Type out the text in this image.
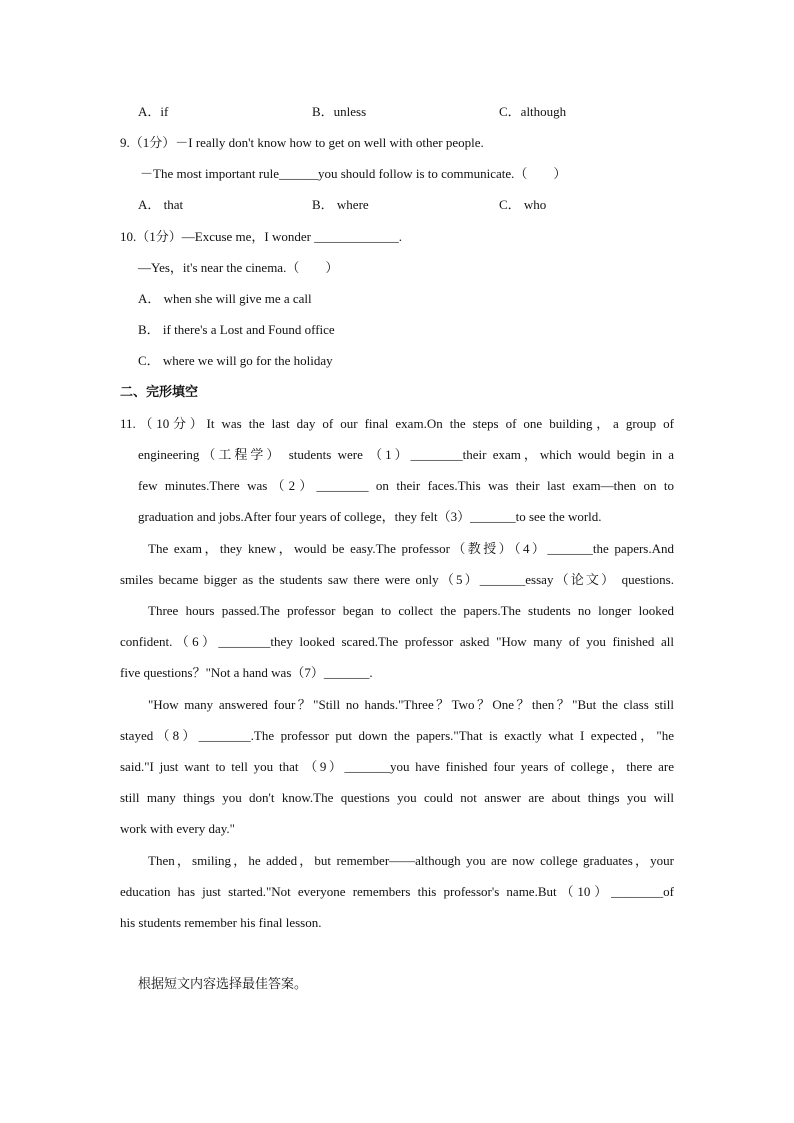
A．if	B．unless	C．although
9.（1分）－I really don't know how to get on well with other people.
－The most important rule______you should follow is to communicate.（　　）
A． that	B． where	C． who
10.（1分）—Excuse me，I wonder _____________.
—Yes，it's near the cinema.（　　）
A． when she will give me a call
B． if there's a Lost and Found office
C． where we will go for the holiday
二、完形填空
11.（10分）It was the last day of our final exam.On the steps of one building，a group of
engineering（工程学） students were （1）________their exam，which would begin in a
few minutes.There was（2）________ on their faces.This was their last exam—then on to
graduation and jobs.After four years of college，they felt（3）_______to see the world.
The exam，they knew，would be easy.The professor（教授）（4）_______the papers.And
smiles became bigger as the students saw there were only（5）_______essay（论文） questions.
Three hours passed.The professor began to collect the papers.The students no longer looked
confident.（6）________they looked scared.The professor asked "How many of you finished all
five questions？"Not a hand was（7）_______.
"How many answered four？"Still no hands."Three？Two？One？then？"But the class still
stayed（8）________.The professor put down the papers."That is exactly what I expected，"he
said."I just want to tell you that （9）_______you have finished four years of college，there are
still many things you don't know.The questions you could not answer are about things you will
work with every day."
Then，smiling，he added，but remember——although you are now college graduates，your
education has just started."Not everyone remembers this professor's name.But（10）________of
his students remember his final lesson.
根据短文内容选择最佳答案。
